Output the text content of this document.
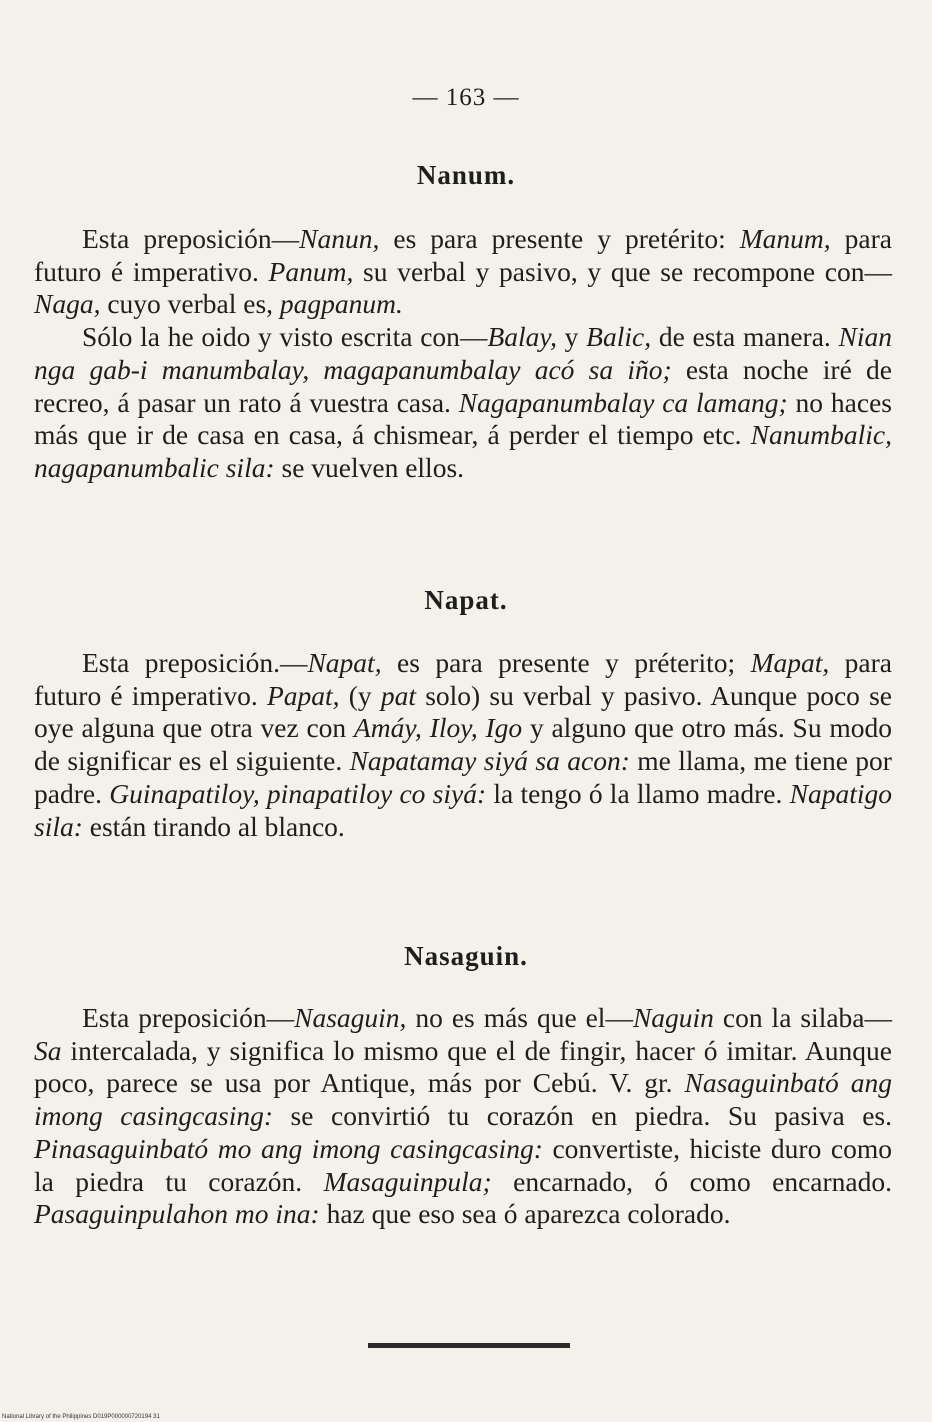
— 163 —
Nanum.

Esta preposición—Nanun, es para presente y pretérito: Manum, para futuro é imperativo. Panum, su verbal y pasivo, y que se recompone con—Naga, cuyo verbal es, pagpanum.

Sólo la he oido y visto escrita con—Balay, y Balic, de esta manera. Nian nga gab-i manumbalay, magapanumbalay acó sa iño; esta noche iré de recreo, á pasar un rato á vuestra casa. Nagapanumbalay ca lamang; no haces más que ir de casa en casa, á chismear, á perder el tiempo etc. Nanumbalic, nagapanumbalic sila: se vuelven ellos.

Napat.

Esta preposición.—Napat, es para presente y préterito; Mapat, para futuro é imperativo. Papat, (y pat solo) su verbal y pasivo. Aunque poco se oye alguna que otra vez con Amáy, Iloy, Igo y alguno que otro más. Su modo de significar es el siguiente. Napatamay siyá sa acon: me llama, me tiene por padre. Guinapatiloy, pinapatiloy co siyá: la tengo ó la llamo madre. Napatigo sila: están tirando al blanco.

Nasaguin.

Esta preposición—Nasaguin, no es más que el—Naguin con la silaba—Sa intercalada, y significa lo mismo que el de fingir, hacer ó imitar. Aunque poco, parece se usa por Antique, más por Cebú. V. gr. Nasaguinbató ang imong casingcasing: se convirtió tu corazón en piedra. Su pasiva es. Pinasaguinbató mo ang imong casingcasing: convertiste, hiciste duro como la piedra tu corazón. Masaguinpula; encarnado, ó como encarnado. Pasaguinpulahon mo ina: haz que eso sea ó aparezca colorado.

National Library of the Philippines D019P000000720194 31
